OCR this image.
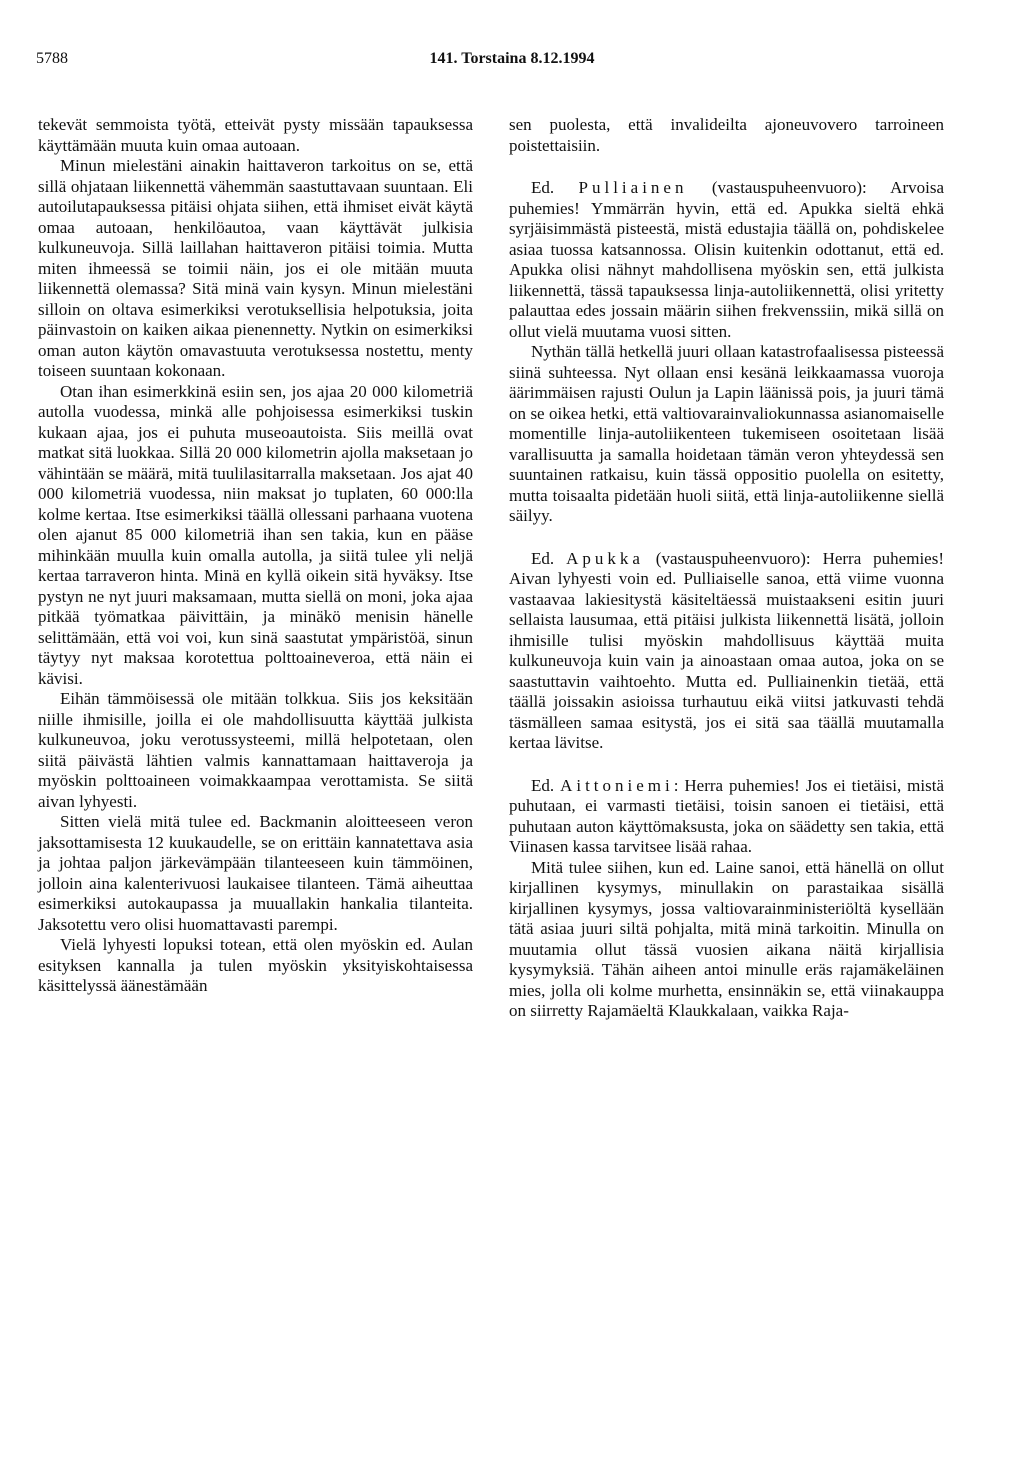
5788	141. Torstaina 8.12.1994

tekevät semmoista työtä, etteivät pysty missään tapauksessa käyttämään muuta kuin omaa autoaan.

Minun mielestäni ainakin haittaveron tarkoitus on se, että sillä ohjataan liikennettä vähemmän saastuttavaan suuntaan. Eli autoilutapauksessa pitäisi ohjata siihen, että ihmiset eivät käytä omaa autoaan, henkilöautoa, vaan käyttävät julkisia kulkuneuvoja. Sillä laillahan haittaveron pitäisi toimia. Mutta miten ihmeessä se toimii näin, jos ei ole mitään muuta liikennettä olemassa? Sitä minä vain kysyn. Minun mielestäni silloin on oltava esimerkiksi verotuksellisia helpotuksia, joita päinvastoin on kaiken aikaa pienennetty. Nytkin on esimerkiksi oman auton käytön omavastuuta verotuksessa nostettu, menty toiseen suuntaan kokonaan.

Otan ihan esimerkkinä esiin sen, jos ajaa 20 000 kilometriä autolla vuodessa, minkä alle pohjoisessa esimerkiksi tuskin kukaan ajaa, jos ei puhuta museoautoista. Siis meillä ovat matkat sitä luokkaa. Sillä 20 000 kilometrin ajolla maksetaan jo vähintään se määrä, mitä tuulilasitarralla maksetaan. Jos ajat 40 000 kilometriä vuodessa, niin maksat jo tuplaten, 60 000:lla kolme kertaa. Itse esimerkiksi täällä ollessani parhaana vuotena olen ajanut 85 000 kilometriä ihan sen takia, kun en pääse mihinkään muulla kuin omalla autolla, ja siitä tulee yli neljä kertaa tarraveron hinta. Minä en kyllä oikein sitä hyväksy. Itse pystyn ne nyt juuri maksamaan, mutta siellä on moni, joka ajaa pitkää työmatkaa päivittäin, ja minäkö menisin hänelle selittämään, että voi voi, kun sinä saastutat ympäristöä, sinun täytyy nyt maksaa korotettua polttoaineveroa, että näin ei kävisi.

Eihän tämmöisessä ole mitään tolkkua. Siis jos keksitään niille ihmisille, joilla ei ole mahdollisuutta käyttää julkista kulkuneuvoa, joku verotussysteemi, millä helpotetaan, olen siitä päivästä lähtien valmis kannattamaan haittaveroja ja myöskin polttoaineen voimakkaampaa verottamista. Se siitä aivan lyhyesti.

Sitten vielä mitä tulee ed. Backmanin aloitteeseen veron jaksottamisesta 12 kuukaudelle, se on erittäin kannatettava asia ja johtaa paljon järkevämpään tilanteeseen kuin tämmöinen, jolloin aina kalenterivuosi laukaisee tilanteen. Tämä aiheuttaa esimerkiksi autokaupassa ja muuallakin hankalia tilanteita. Jaksotettu vero olisi huomattavasti parempi.

Vielä lyhyesti lopuksi totean, että olen myöskin ed. Aulan esityksen kannalla ja tulen myöskin yksityiskohtaisessa käsittelyssä äänestämään

sen puolesta, että invalideilta ajoneuvovero tarroineen poistettaisiin.

Ed. Pulliainen (vastauspuheenvuoro): Arvoisa puhemies! Ymmärrän hyvin, että ed. Apukka sieltä ehkä syrjäisimmästä pisteestä, mistä edustajia täällä on, pohdiskelee asiaa tuossa katsannossa. Olisin kuitenkin odottanut, että ed. Apukka olisi nähnyt mahdollisena myöskin sen, että julkista liikennettä, tässä tapauksessa linja-autoliikennettä, olisi yritetty palauttaa edes jossain määrin siihen frekvenssiin, mikä sillä on ollut vielä muutama vuosi sitten.

Nythän tällä hetkellä juuri ollaan katastrofaalisessa pisteessä siinä suhteessa. Nyt ollaan ensi kesänä leikkaamassa vuoroja äärimmäisen rajusti Oulun ja Lapin läänissä pois, ja juuri tämä on se oikea hetki, että valtiovarainvaliokunnassa asianomaiselle momentille linja-autoliikenteen tukemiseen osoitetaan lisää varallisuutta ja samalla hoidetaan tämän veron yhteydessä sen suuntainen ratkaisu, kuin tässä oppositio puolella on esitetty, mutta toisaalta pidetään huoli siitä, että linja-autoliikenne siellä säilyy.

Ed. Apukka (vastauspuheenvuoro): Herra puhemies! Aivan lyhyesti voin ed. Pulliaiselle sanoa, että viime vuonna vastaavaa lakiesitystä käsiteltäessä muistaakseni esitin juuri sellaista lausumaa, että pitäisi julkista liikennettä lisätä, jolloin ihmisille tulisi myöskin mahdollisuus käyttää muita kulkuneuvoja kuin vain ja ainoastaan omaa autoa, joka on se saastuttavin vaihtoehto. Mutta ed. Pulliainenkin tietää, että täällä joissakin asioissa turhautuu eikä viitsi jatkuvasti tehdä täsmälleen samaa esitystä, jos ei sitä saa täällä muutamalla kertaa lävitse.

Ed. Aittoniemi: Herra puhemies! Jos ei tietäisi, mistä puhutaan, ei varmasti tietäisi, toisin sanoen ei tietäisi, että puhutaan auton käyttömaksusta, joka on säädetty sen takia, että Viinasen kassa tarvitsee lisää rahaa.

Mitä tulee siihen, kun ed. Laine sanoi, että hänellä on ollut kirjallinen kysymys, minullakin on parastaikaa sisällä kirjallinen kysymys, jossa valtiovarainministeriöltä kysellään tätä asiaa juuri siltä pohjalta, mitä minä tarkoitin. Minulla on muutamia ollut tässä vuosien aikana näitä kirjallisia kysymyksiä. Tähän aiheen antoi minulle eräs rajamäkeläinen mies, jolla oli kolme murhetta, ensinnäkin se, että viinakauppa on siirretty Rajamäeltä Klaukkalaan, vaikka Raja-
